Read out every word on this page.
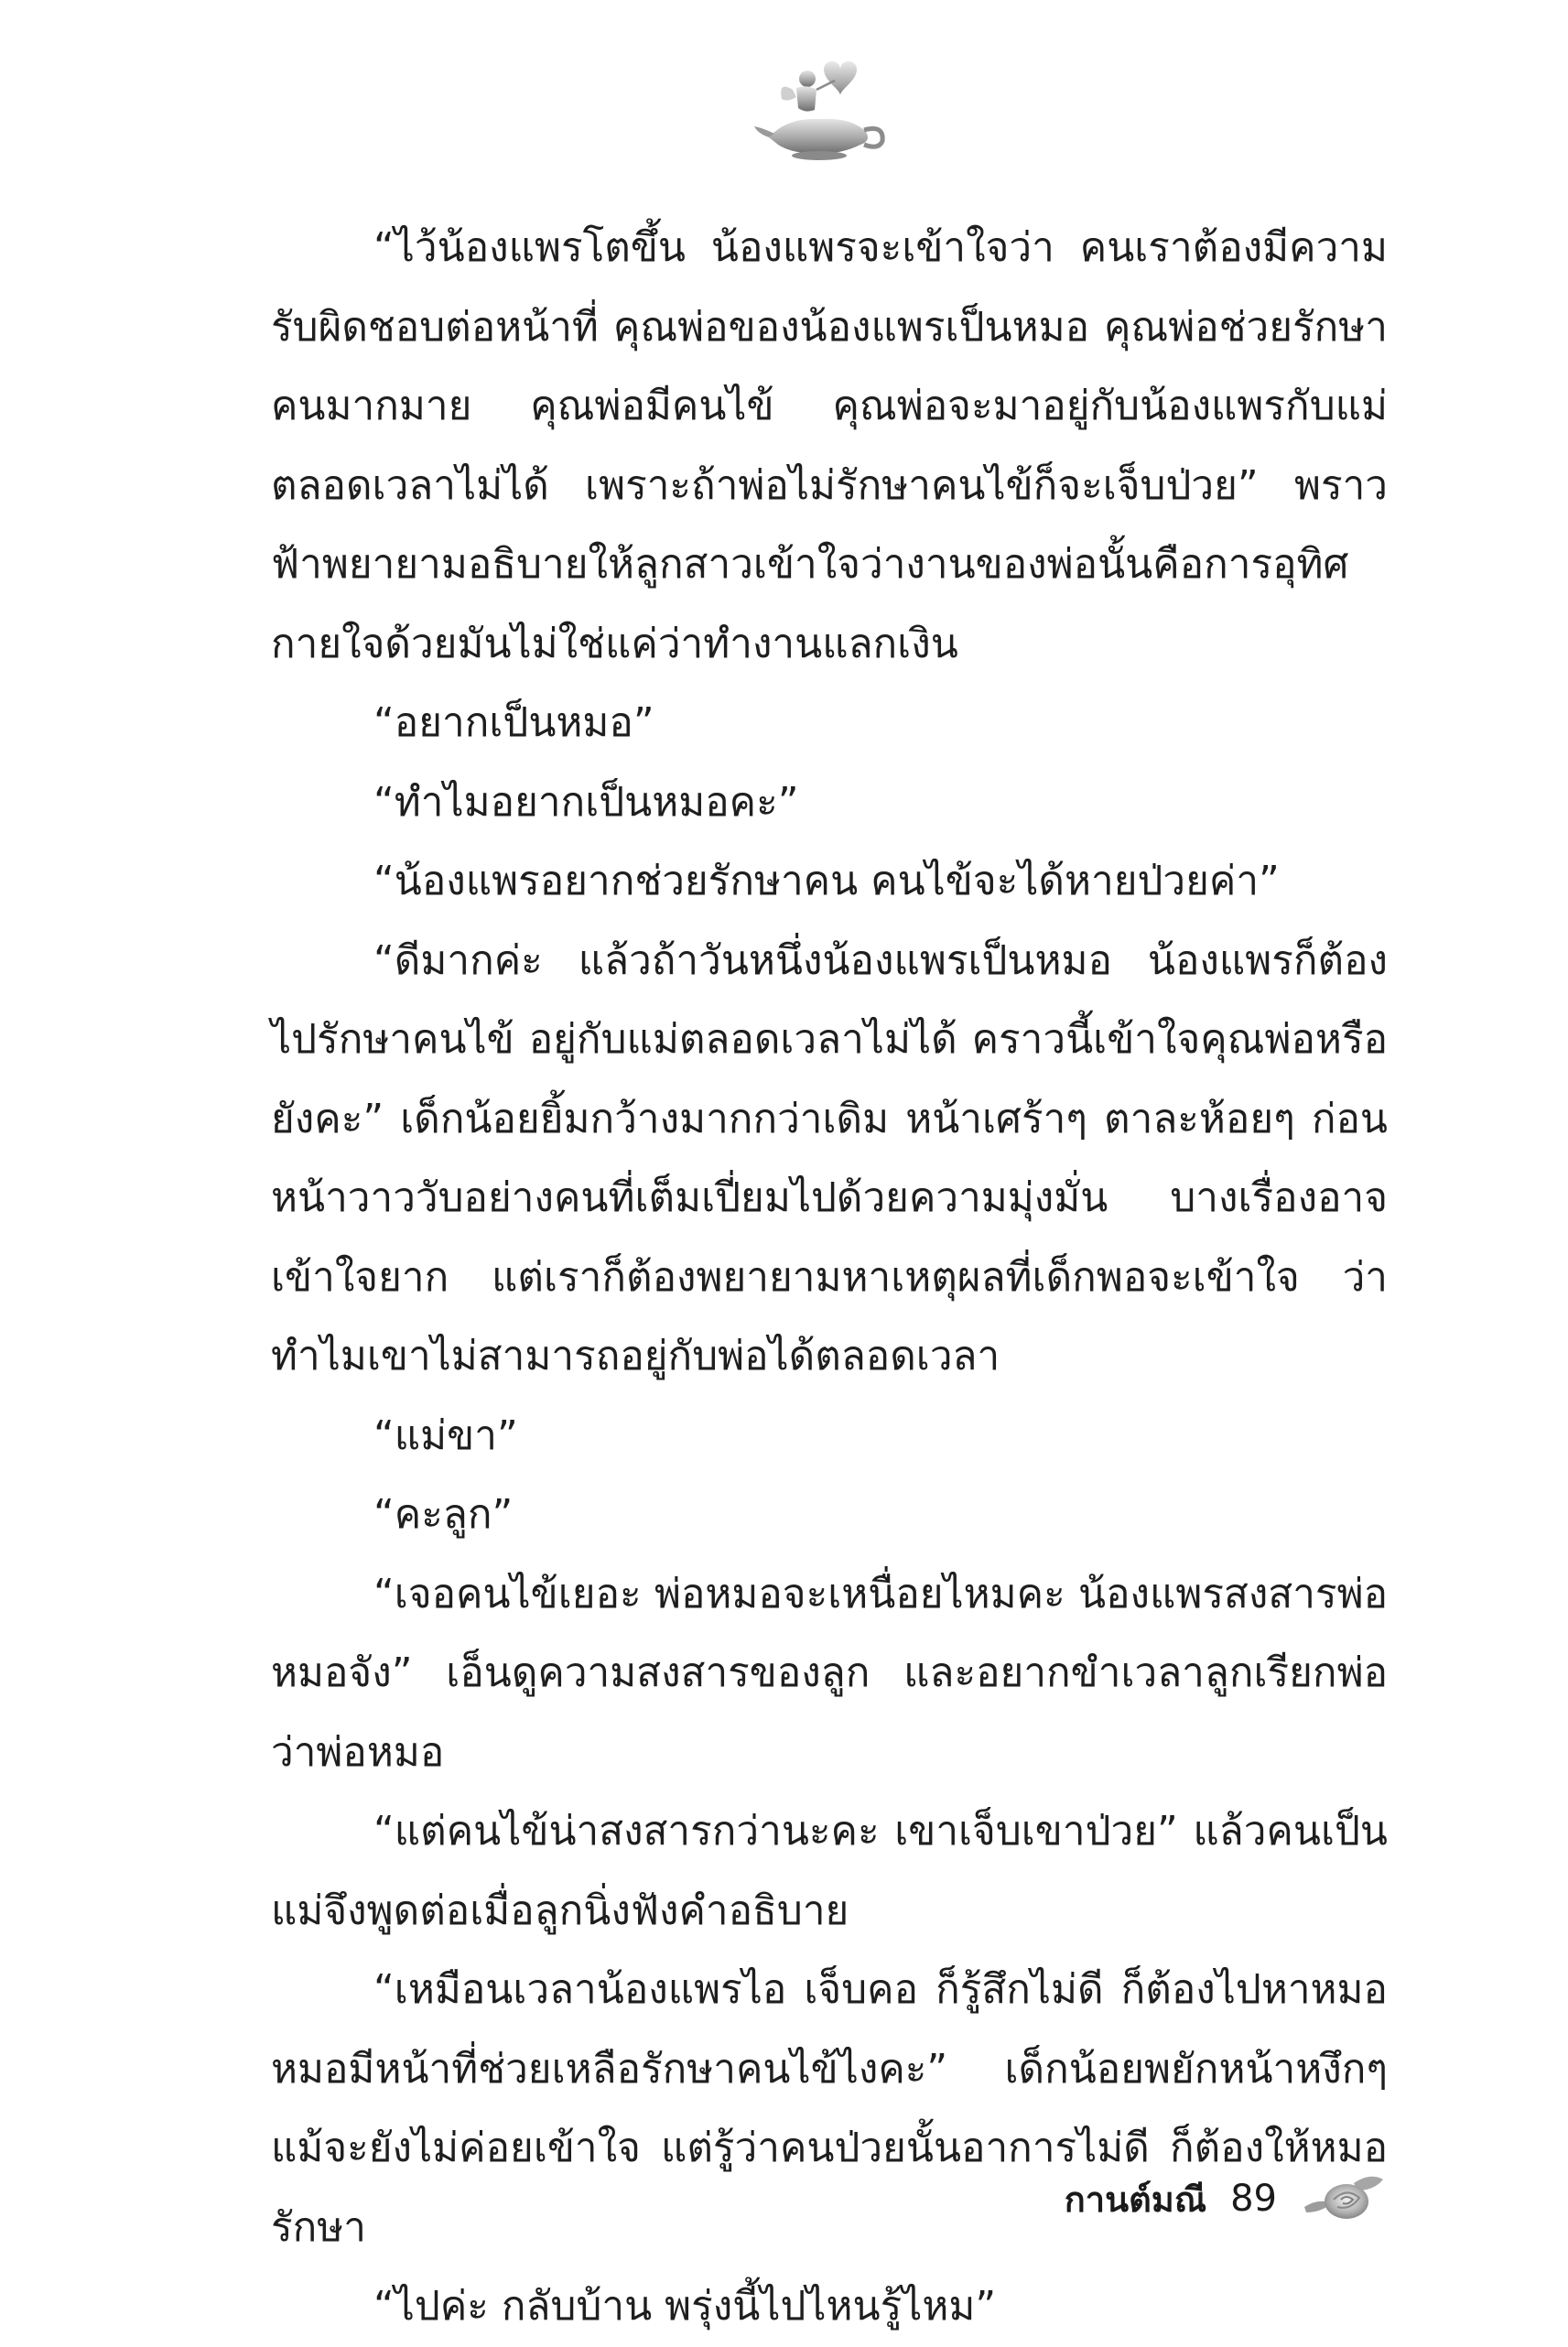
“ไว้น้องแพรโตขึ้น น้องแพรจะเข้าใจว่า คนเราต้องมีความรับผิดชอบต่อหน้าที่ คุณพ่อของน้องแพรเป็นหมอ คุณพ่อช่วยรักษาคนมากมาย คุณพ่อมีคนไข้ คุณพ่อจะมาอยู่กับน้องแพรกับแม่ตลอดเวลาไม่ได้ เพราะถ้าพ่อไม่รักษาคนไข้ก็จะเจ็บป่วย” พราวฟ้าพยายามอธิบายให้ลูกสาวเข้าใจว่างานของพ่อนั้นคือการอุทิศกายใจด้วยมันไม่ใช่แค่ว่าทำงานแลกเงิน

“อยากเป็นหมอ”

“ทำไมอยากเป็นหมอคะ”

“น้องแพรอยากช่วยรักษาคน คนไข้จะได้หายป่วยค่า”

“ดีมากค่ะ แล้วถ้าวันหนึ่งน้องแพรเป็นหมอ น้องแพรก็ต้องไปรักษาคนไข้ อยู่กับแม่ตลอดเวลาไม่ได้ คราวนี้เข้าใจคุณพ่อหรือยังคะ” เด็กน้อยยิ้มกว้างมากกว่าเดิม หน้าเศร้าๆ ตาละห้อยๆ ก่อนหน้าวาววับอย่างคนที่เต็มเปี่ยมไปด้วยความมุ่งมั่น บางเรื่องอาจเข้าใจยาก แต่เราก็ต้องพยายามหาเหตุผลที่เด็กพอจะเข้าใจ ว่าทำไมเขาไม่สามารถอยู่กับพ่อได้ตลอดเวลา

“แม่ขา”

“คะลูก”

“เจอคนไข้เยอะ พ่อหมอจะเหนื่อยไหมคะ น้องแพรสงสารพ่อหมอจัง” เอ็นดูความสงสารของลูก และอยากขำเวลาลูกเรียกพ่อว่าพ่อหมอ

“แต่คนไข้น่าสงสารกว่านะคะ เขาเจ็บเขาป่วย” แล้วคนเป็นแม่จึงพูดต่อเมื่อลูกนิ่งฟังคำอธิบาย

“เหมือนเวลาน้องแพรไอ เจ็บคอ ก็รู้สึกไม่ดี ก็ต้องไปหาหมอหมอมีหน้าที่ช่วยเหลือรักษาคนไข้ไงคะ” เด็กน้อยพยักหน้าหงึกๆ แม้จะยังไม่ค่อยเข้าใจ แต่รู้ว่าคนป่วยนั้นอาการไม่ดี ก็ต้องให้หมอรักษา

“ไปค่ะ กลับบ้าน พรุ่งนี้ไปไหนรู้ไหม”

กานต์มณี 89
